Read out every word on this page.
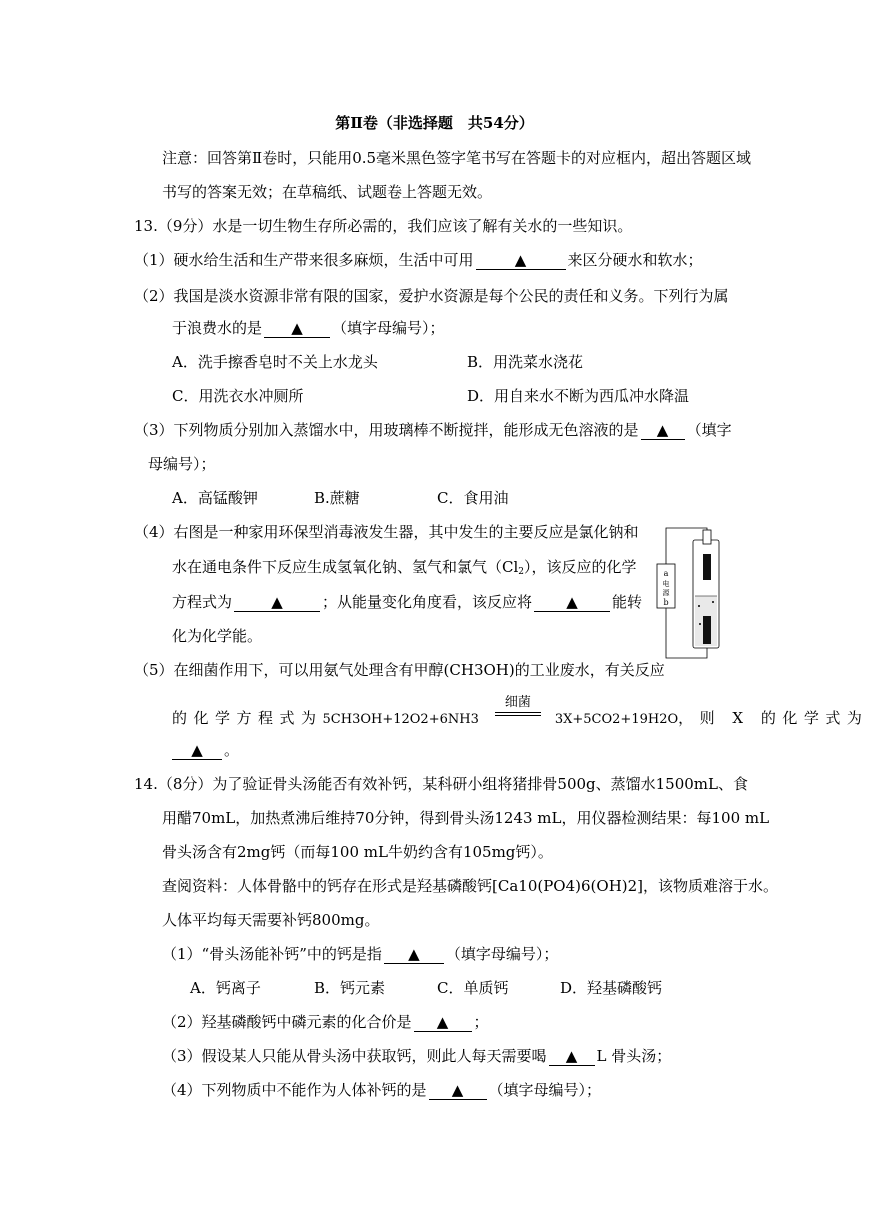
第Ⅱ卷（非选择题　共54分）
注意：回答第Ⅱ卷时，只能用0.5毫米黑色签字笔书写在答题卡的对应框内，超出答题区域
书写的答案无效；在草稿纸、试题卷上答题无效。
13.（9分）水是一切生物生存所必需的，我们应该了解有关水的一些知识。
（1）硬水给生活和生产带来很多麻烦，生活中可用	▲	来区分硬水和软水；
（2）我国是淡水资源非常有限的国家，爱护水资源是每个公民的责任和义务。下列行为属
于浪费水的是 ▲ （填字母编号）；
A．洗手擦香皂时不关上水龙头	B．用洗菜水浇花
C．用洗衣水冲厕所	D．用自来水不断为西瓜冲水降温
（3）下列物质分别加入蒸馏水中，用玻璃棒不断搅拌，能形成无色溶液的是 ▲ （填字
母编号）；
A．高锰酸钾	B.蔗糖	C．食用油
（4）右图是一种家用环保型消毒液发生器，其中发生的主要反应是氯化钠和
水在通电条件下反应生成氢氧化钠、氢气和氯气$(Cl_2)$，该反应的化学
方程式为	▲	；从能量变化角度看，该反应将 ▲ 能转
化为化学能。
a
电
源
b
（5）在细菌作用下，可以用氨气处理含有甲醇(CH3OH)的工业废水，有关反应
的化学方程式为5CH3OH+12O2+6NH3
细菌
3X+5CO2+19H2O，则 X 的化学式为
▲ 。
14.（8分）为了验证骨头汤能否有效补钙，某科研小组将猪排骨500g、蒸馏水1500mL、食
用醋70mL，加热煮沸后维持70分钟，得到骨头汤1243 mL，用仪器检测结果：每100 mL
骨头汤含有2mg钙（而每100 mL牛奶约含有105mg钙）。
查阅资料：人体骨骼中的钙存在形式是羟基磷酸钙[Ca10(PO4)6(OH)2]，该物质难溶于水。
人体平均每天需要补钙800mg。
（1）“骨头汤能补钙”中的钙是指 ▲ （填字母编号）；
A．钙离子	B．钙元素	C．单质钙	D．羟基磷酸钙
（2）羟基磷酸钙中磷元素的化合价是 ▲ ；
（3）假设某人只能从骨头汤中获取钙，则此人每天需要喝 ▲ L 骨头汤；
（4）下列物质中不能作为人体补钙的是 ▲ （填字母编号）；
